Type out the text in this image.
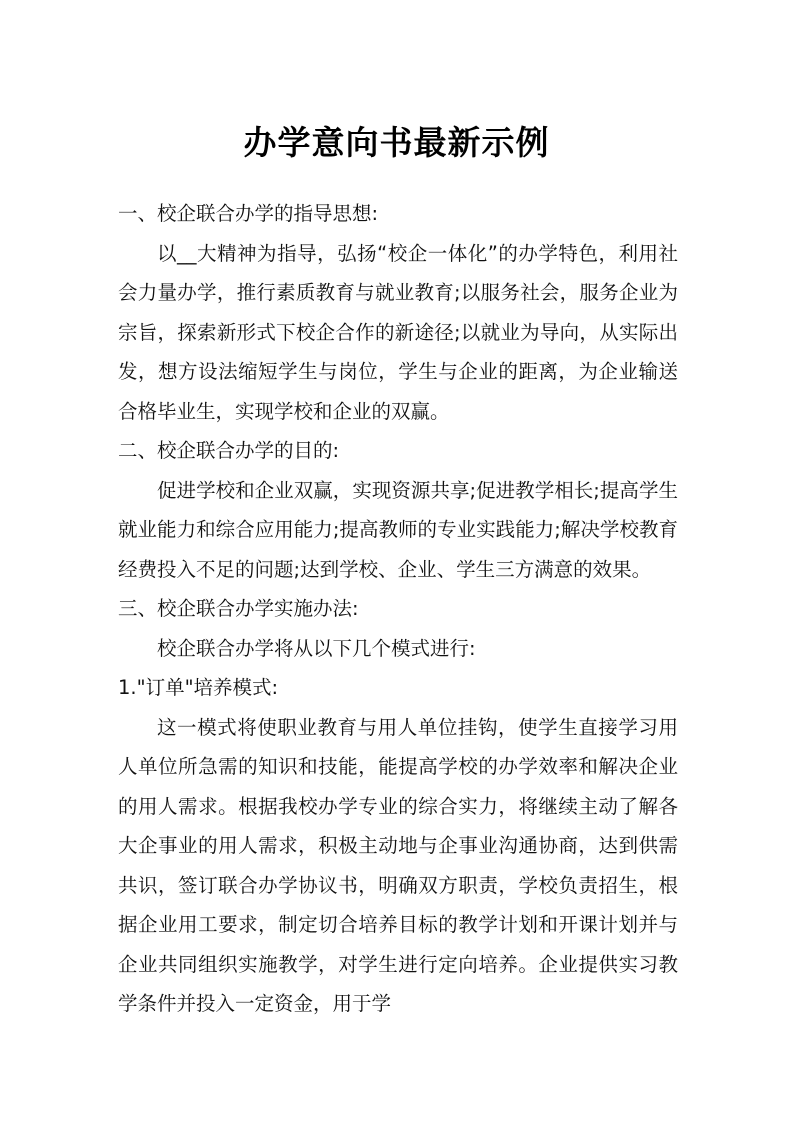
办学意向书最新示例

一、校企联合办学的指导思想:

以__大精神为指导，弘扬“校企一体化”的办学特色，利用社会力量办学，推行素质教育与就业教育;以服务社会，服务企业为宗旨，探索新形式下校企合作的新途径;以就业为导向，从实际出发，想方设法缩短学生与岗位，学生与企业的距离，为企业输送合格毕业生，实现学校和企业的双赢。

二、校企联合办学的目的:

促进学校和企业双赢，实现资源共享;促进教学相长;提高学生就业能力和综合应用能力;提高教师的专业实践能力;解决学校教育经费投入不足的问题;达到学校、企业、学生三方满意的效果。

三、校企联合办学实施办法:

校企联合办学将从以下几个模式进行:

1."订单"培养模式:

这一模式将使职业教育与用人单位挂钩，使学生直接学习用人单位所急需的知识和技能，能提高学校的办学效率和解决企业的用人需求。根据我校办学专业的综合实力，将继续主动了解各大企事业的用人需求，积极主动地与企事业沟通协商，达到供需共识，签订联合办学协议书，明确双方职责，学校负责招生，根据企业用工要求，制定切合培养目标的教学计划和开课计划并与企业共同组织实施教学，对学生进行定向培养。企业提供实习教学条件并投入一定资金，用于学
